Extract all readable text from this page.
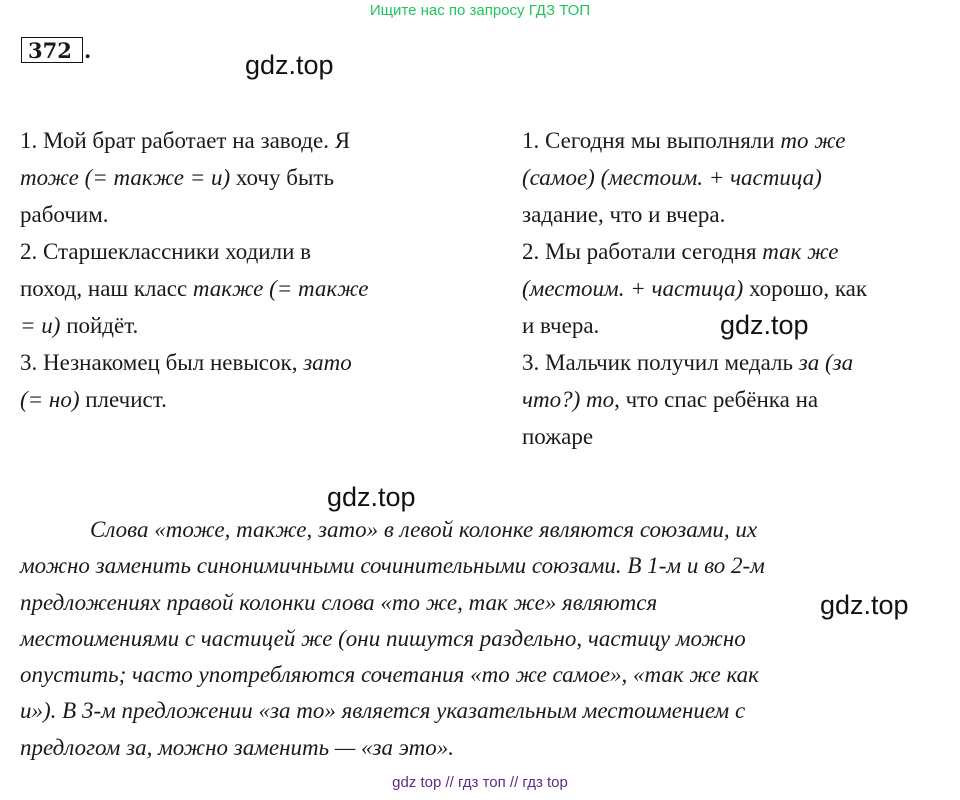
Ищите нас по запросу ГДЗ ТОП
372 .	gdz.top
gdz.top
gdz.top
gdz.top
1. Мой брат работает на заводе. Я
тоже (= также = и) хочу быть
рабочим.
2. Старшеклассники ходили в
поход, наш класс также (= также
= и) пойдёт.
3. Незнакомец был невысок, зато
(= но) плечист.
1. Сегодня мы выполняли то же
(самое) (местоим. + частица)
задание, что и вчера.
2. Мы работали сегодня так же
(местоим. + частица) хорошо, как
и вчера.
3. Мальчик получил медаль за (за
что?) то, что спас ребёнка на
пожаре
Слова «тоже, также, зато» в левой колонке являются союзами, их
можно заменить синонимичными сочинительными союзами. В 1-м и во 2-м
предложениях правой колонки слова «то же, так же» являются
местоимениями с частицей же (они пишутся раздельно, частицу можно
опустить; часто употребляются сочетания «то же самое», «так же как
и»). В 3-м предложении «за то» является указательным местоимением с
предлогом за, можно заменить — «за это».
gdz top // гдз топ // гдз top
